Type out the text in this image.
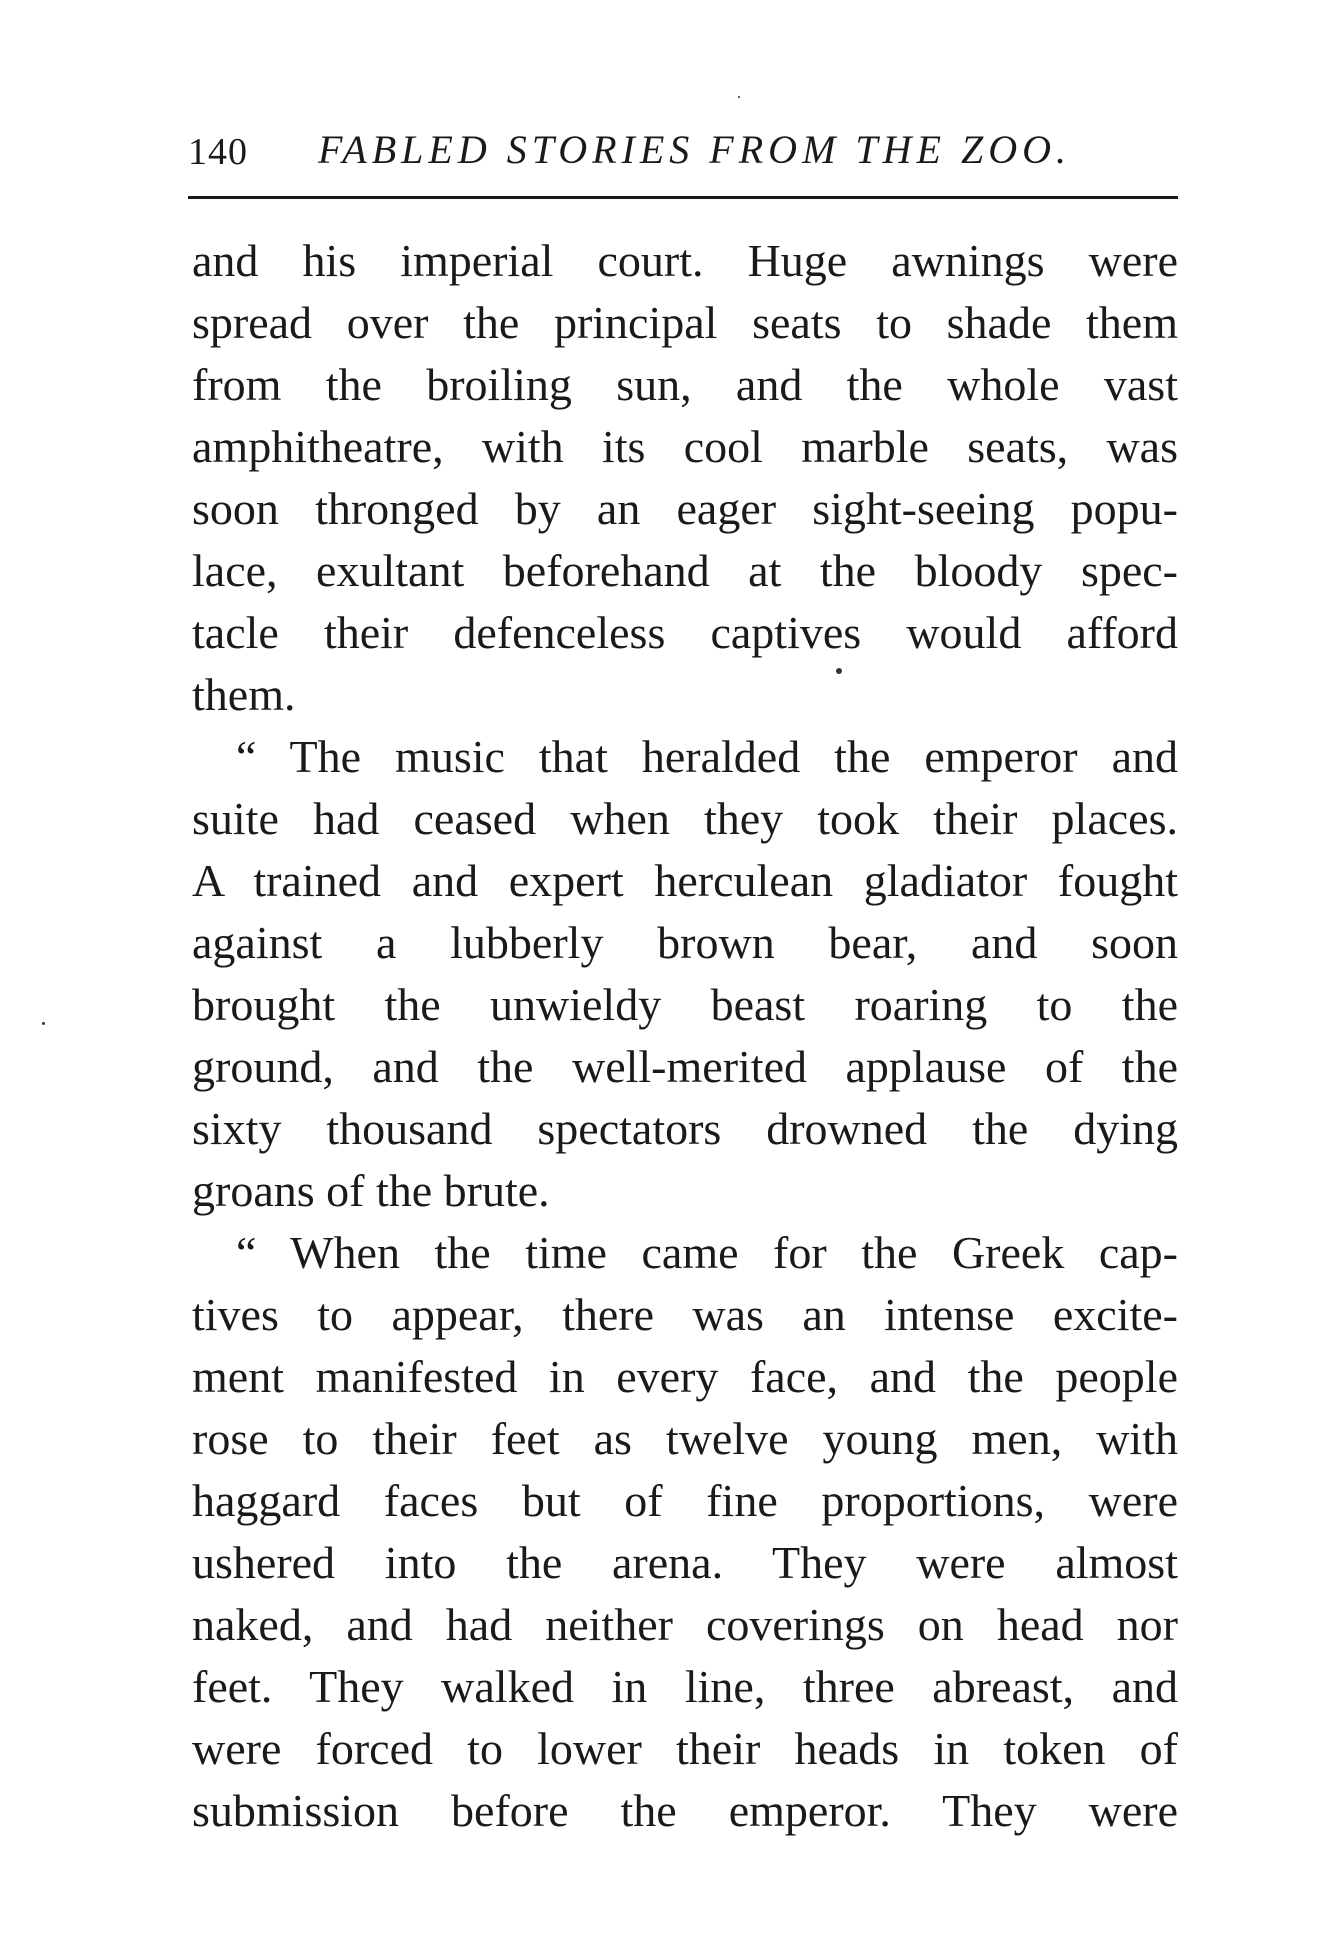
140 FABLED STORIES FROM THE ZOO.
and his imperial court. Huge awnings were
spread over the principal seats to shade them
from the broiling sun, and the whole vast
amphitheatre, with its cool marble seats, was
soon thronged by an eager sight-seeing popu-
lace, exultant beforehand at the bloody spec-
tacle their defenceless captives would afford
them.
“ The music that heralded the emperor and
suite had ceased when they took their places.
A trained and expert herculean gladiator fought
against a lubberly brown bear, and soon
brought the unwieldy beast roaring to the
ground, and the well-merited applause of the
sixty thousand spectators drowned the dying
groans of the brute.
“ When the time came for the Greek cap-
tives to appear, there was an intense excite-
ment manifested in every face, and the people
rose to their feet as twelve young men, with
haggard faces but of fine proportions, were
ushered into the arena. They were almost
naked, and had neither coverings on head nor
feet. They walked in line, three abreast, and
were forced to lower their heads in token of
submission before the emperor. They were
